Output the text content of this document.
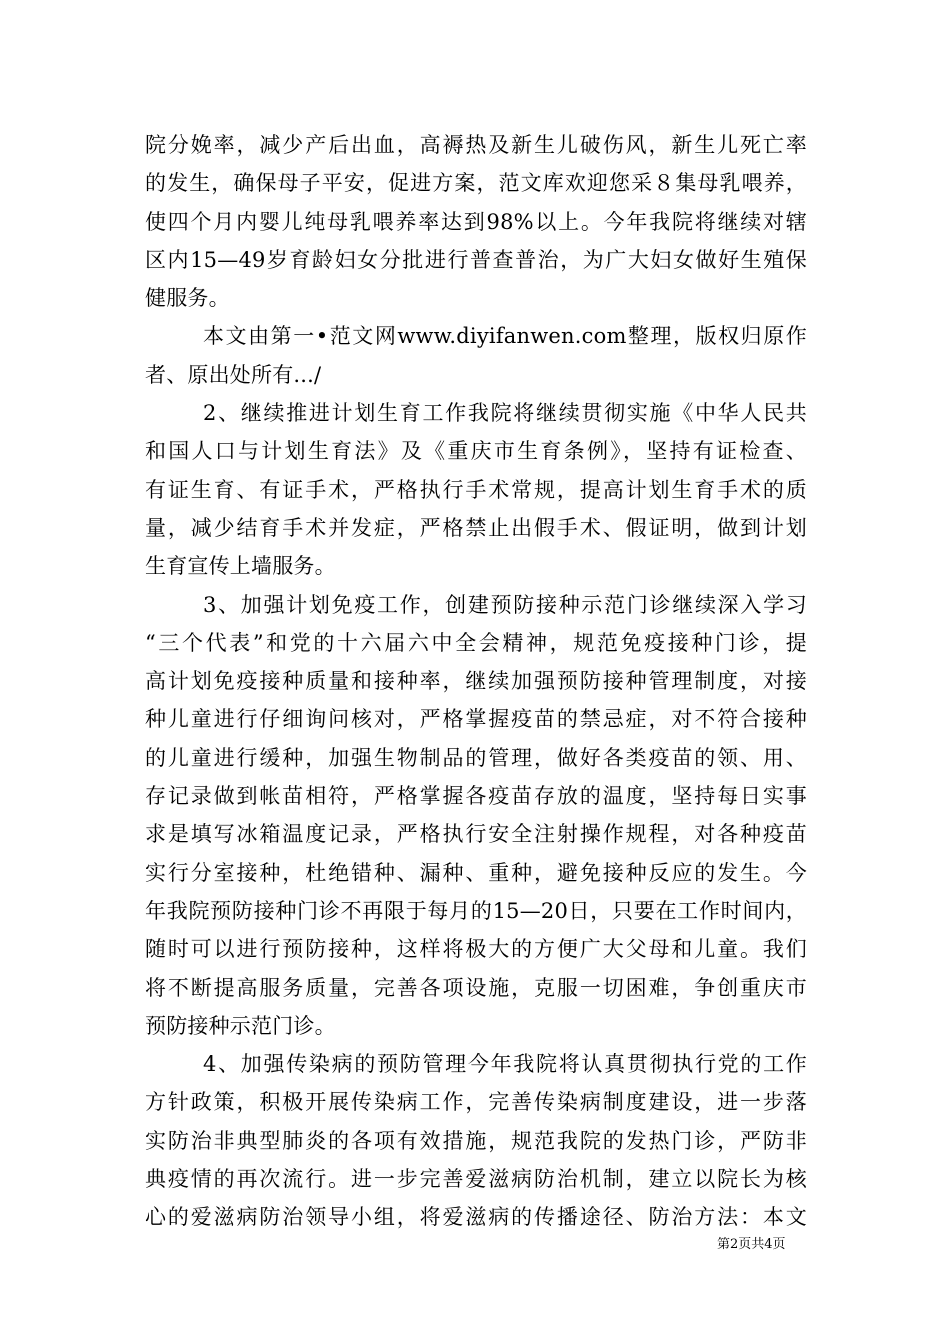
院分娩率，减少产后出血，高褥热及新生儿破伤风，新生儿死亡率
的发生，确保母子平安，促进方案，范文库欢迎您采８集母乳喂养，
使四个月内婴儿纯母乳喂养率达到98%以上。今年我院将继续对辖
区内15—49岁育龄妇女分批进行普查普治，为广大妇女做好生殖保
健服务。
本文由第一•范文网www.diyifanwen.com整理，版权归原作
者、原出处所有.../
2、继续推进计划生育工作我院将继续贯彻实施《中华人民共
和国人口与计划生育法》及《重庆市生育条例》，坚持有证检查、
有证生育、有证手术，严格执行手术常规，提高计划生育手术的质
量，减少结育手术并发症，严格禁止出假手术、假证明，做到计划
生育宣传上墙服务。
3、加强计划免疫工作，创建预防接种示范门诊继续深入学习
“三个代表”和党的十六届六中全会精神，规范免疫接种门诊，提
高计划免疫接种质量和接种率，继续加强预防接种管理制度，对接
种儿童进行仔细询问核对，严格掌握疫苗的禁忌症，对不符合接种
的儿童进行缓种，加强生物制品的管理，做好各类疫苗的领、用、
存记录做到帐苗相符，严格掌握各疫苗存放的温度，坚持每日实事
求是填写冰箱温度记录，严格执行安全注射操作规程，对各种疫苗
实行分室接种，杜绝错种、漏种、重种，避免接种反应的发生。今
年我院预防接种门诊不再限于每月的15—20日，只要在工作时间内，
随时可以进行预防接种，这样将极大的方便广大父母和儿童。我们
将不断提高服务质量，完善各项设施，克服一切困难，争创重庆市
预防接种示范门诊。
4、加强传染病的预防管理今年我院将认真贯彻执行党的工作
方针政策，积极开展传染病工作，完善传染病制度建设，进一步落
实防治非典型肺炎的各项有效措施，规范我院的发热门诊，严防非
典疫情的再次流行。进一步完善爱滋病防治机制，建立以院长为核
心的爱滋病防治领导小组，将爱滋病的传播途径、防治方法：本文
第2页共4页
